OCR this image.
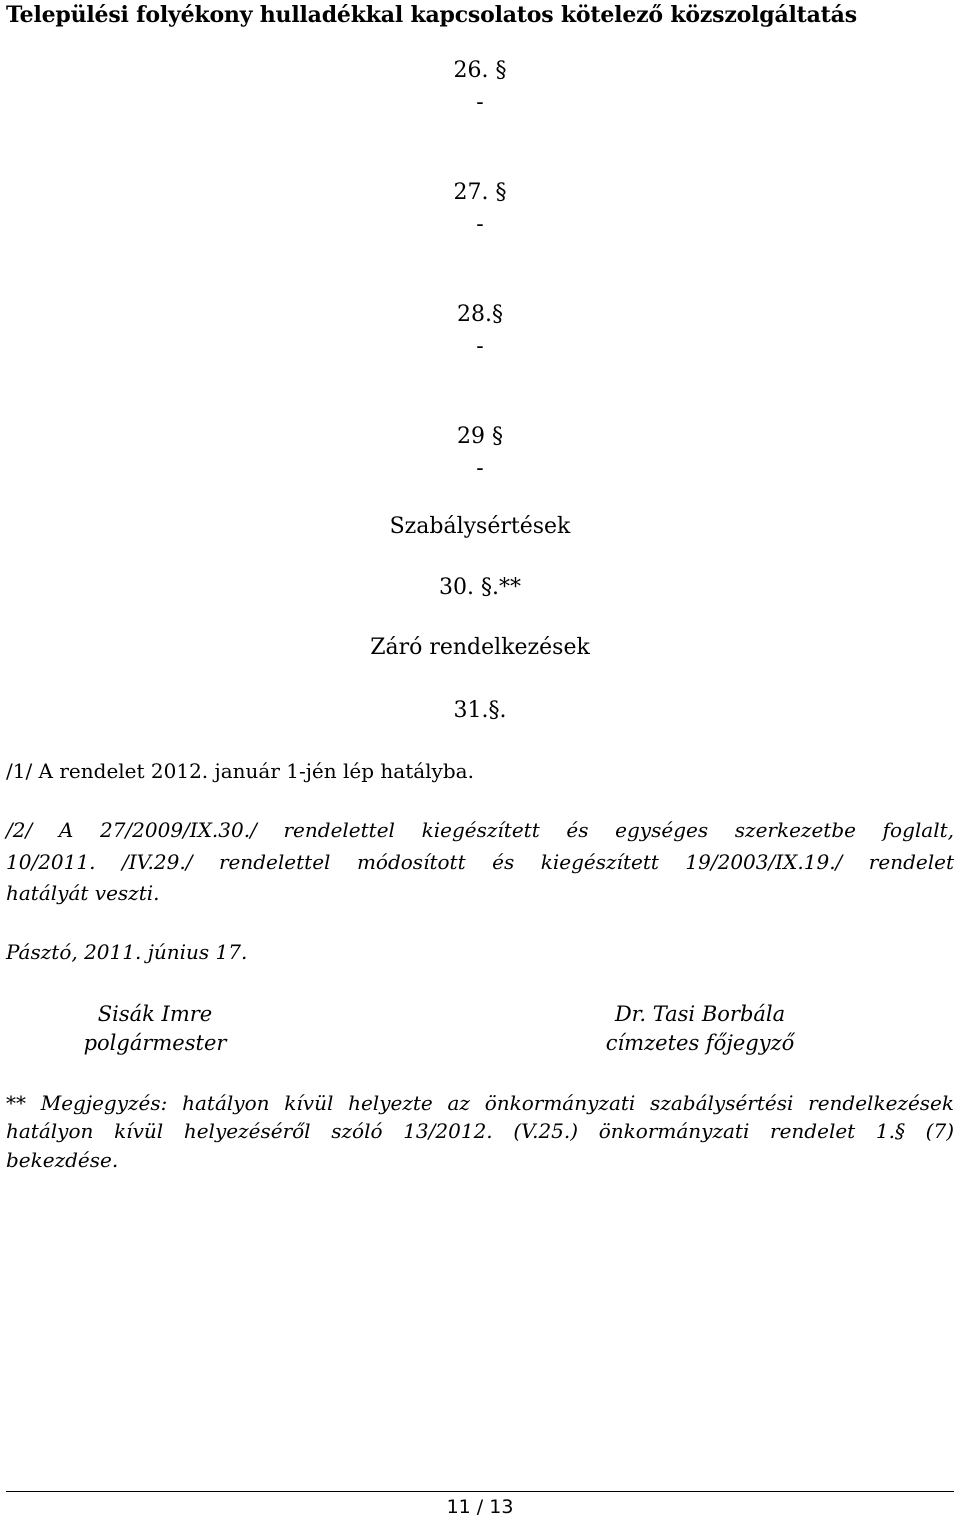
Települési folyékony hulladékkal kapcsolatos kötelező közszolgáltatás
26. §
-
27. §
-
28.§
-
29 §
-
Szabálysértések
30. §.**
Záró rendelkezések
31.§.
/1/ A rendelet 2012. január 1-jén lép hatályba.
/2/ A 27/2009/IX.30./ rendelettel kiegészített és egységes szerkezetbe foglalt,
10/2011. /IV.29./ rendelettel módosított és kiegészített 19/2003/IX.19./ rendelet
hatályát veszti.
Pásztó, 2011. június 17.
Sisák Imre
polgármester
Dr. Tasi Borbála
címzetes főjegyző
** Megjegyzés: hatályon kívül helyezte az önkormányzati szabálysértési rendelkezések
hatályon kívül helyezéséről szóló 13/2012. (V.25.) önkormányzati rendelet 1.§ (7)
bekezdése.
11 / 13
